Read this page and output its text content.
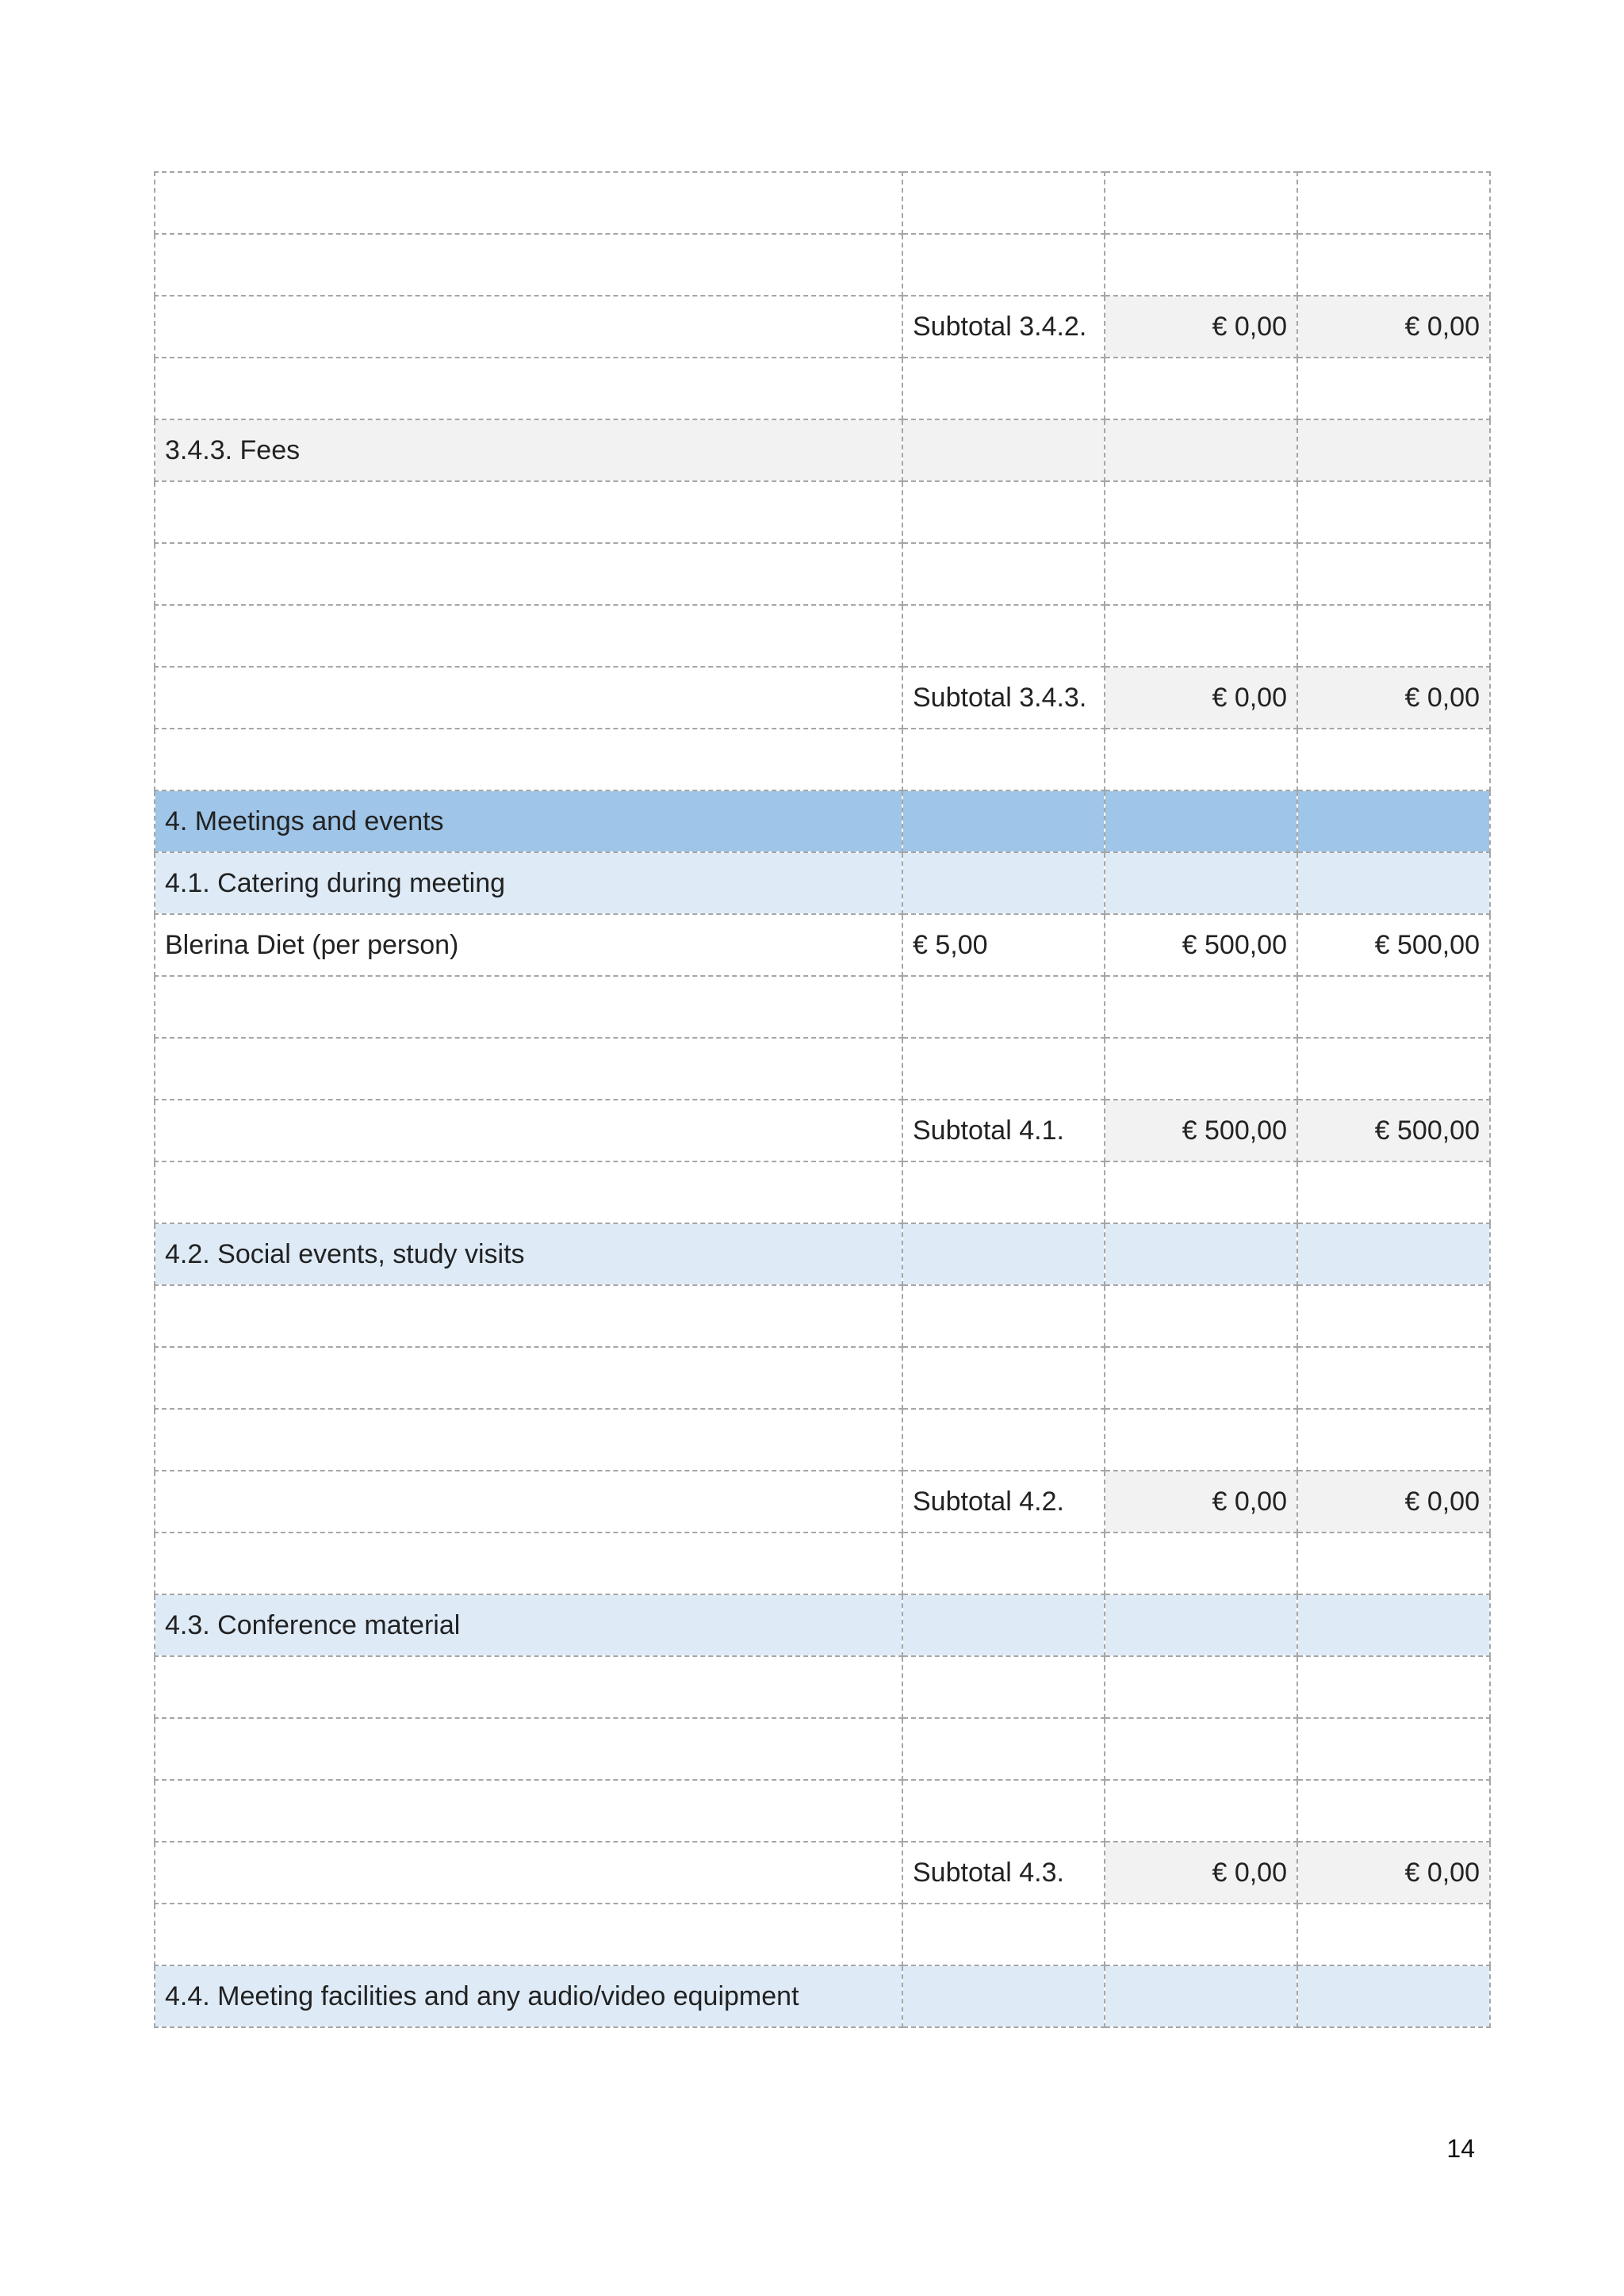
	Subtotal 3.4.2.	€ 0,00	€ 0,00

3.4.3. Fees			

	Subtotal 3.4.3.	€ 0,00	€ 0,00

4. Meetings and events			
4.1. Catering during meeting			
Blerina Diet (per person)	€ 5,00	€ 500,00	€ 500,00

	Subtotal 4.1.	€ 500,00	€ 500,00

4.2. Social events, study visits			

	Subtotal 4.2.	€ 0,00	€ 0,00

4.3. Conference material			

	Subtotal 4.3.	€ 0,00	€ 0,00

4.4. Meeting facilities and any audio/video equipment			
14
